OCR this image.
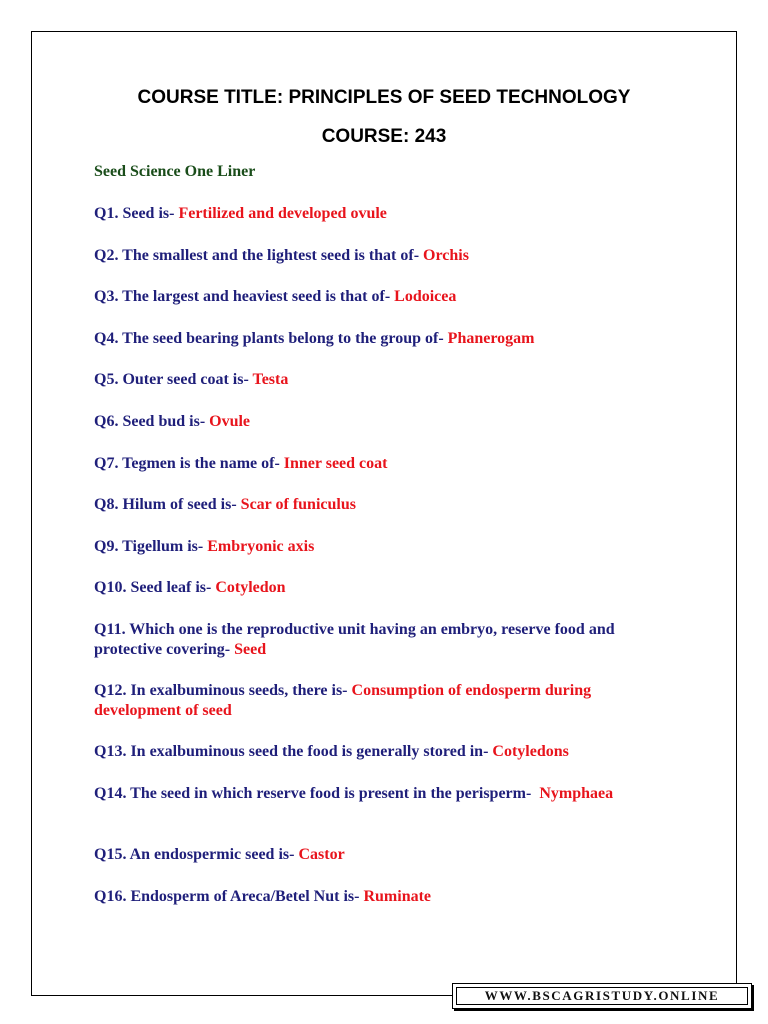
COURSE TITLE: PRINCIPLES OF SEED TECHNOLOGY
COURSE: 243

Seed Science One Liner

Q1. Seed is- Fertilized and developed ovule
Q2. The smallest and the lightest seed is that of- Orchis
Q3. The largest and heaviest seed is that of- Lodoicea
Q4. The seed bearing plants belong to the group of- Phanerogam
Q5. Outer seed coat is- Testa
Q6. Seed bud is- Ovule
Q7. Tegmen is the name of- Inner seed coat
Q8. Hilum of seed is- Scar of funiculus
Q9. Tigellum is- Embryonic axis
Q10. Seed leaf is- Cotyledon
Q11. Which one is the reproductive unit having an embryo, reserve food and protective covering- Seed
Q12. In exalbuminous seeds, there is- Consumption of endosperm during development of seed
Q13. In exalbuminous seed the food is generally stored in- Cotyledons
Q14. The seed in which reserve food is present in the perisperm- Nymphaea
Q15. An endospermic seed is- Castor
Q16. Endosperm of Areca/Betel Nut is- Ruminate
WWW.BSCAGRISTUDY.ONLINE
